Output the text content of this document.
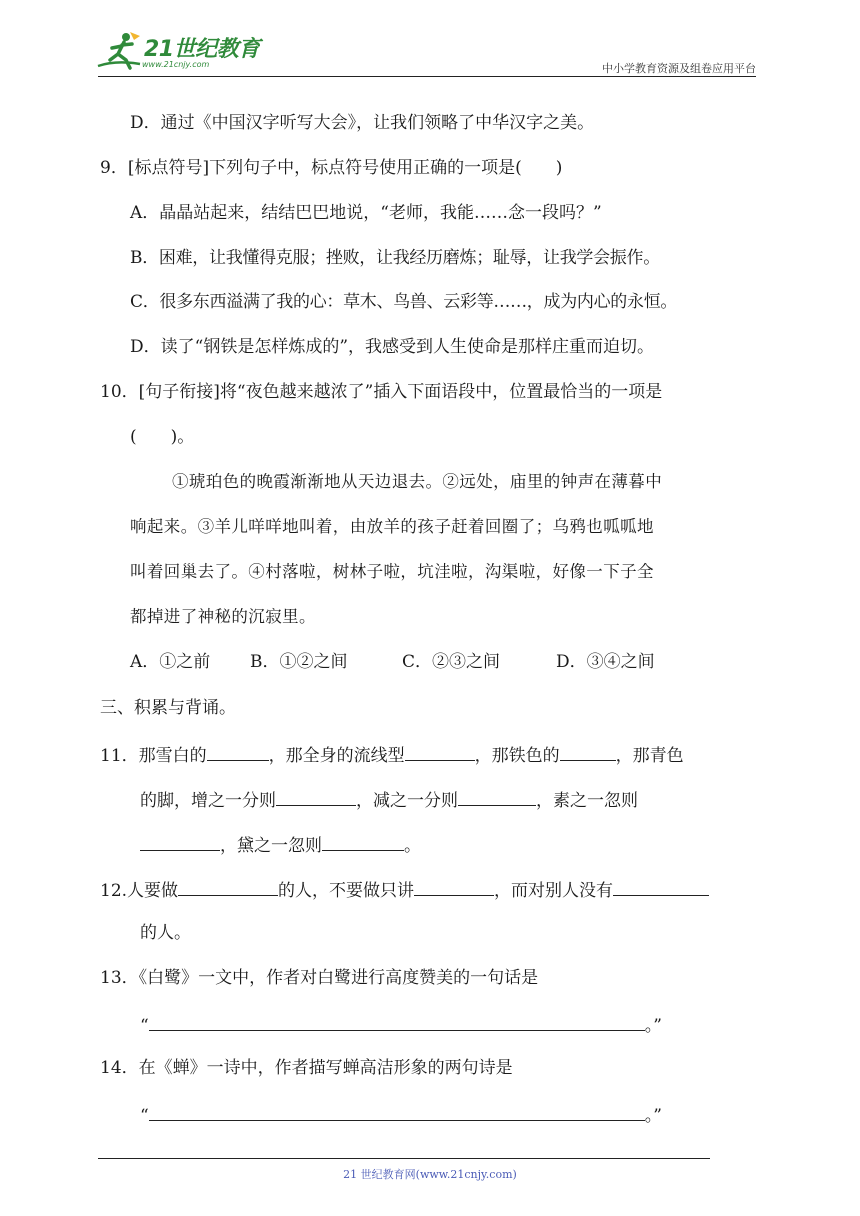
21世纪教育
www.21cnjy.com	中小学教育资源及组卷应用平台
D．通过《中国汉字听写大会》，让我们领略了中华汉字之美。
9．[标点符号]下列句子中，标点符号使用正确的一项是(　　)
A．晶晶站起来，结结巴巴地说，“老师，我能……念一段吗？”
B．困难，让我懂得克服；挫败，让我经历磨炼；耻辱，让我学会振作。
C．很多东西溢满了我的心：草木、鸟兽、云彩等……，成为内心的永恒。
D．读了“钢铁是怎样炼成的”，我感受到人生使命是那样庄重而迫切。
10．[句子衔接]将“夜色越来越浓了”插入下面语段中，位置最恰当的一项是
(　　)。
①琥珀色的晚霞渐渐地从天边退去。②远处，庙里的钟声在薄暮中
响起来。③羊儿咩咩地叫着，由放羊的孩子赶着回圈了；乌鸦也呱呱地
叫着回巢去了。④村落啦，树林子啦，坑洼啦，沟渠啦，好像一下子全
都掉进了神秘的沉寂里。
A．①之前 B．①②之间	C．②③之间	D．③④之间
三、积累与背诵。
11．那雪白的	，那全身的流线型	，那铁色的	，那青色
的脚，增之一分则	，减之一分则	，素之一忽则
，黛之一忽则	。
12.人要做	的人，不要做只讲	，而对别人没有
的人。
13．《白鹭》一文中，作者对白鹭进行高度赞美的一句话是
“	。”
14．在《蝉》一诗中，作者描写蝉高洁形象的两句诗是
“	。”
21 世纪教育网(www.21cnjy.com)
